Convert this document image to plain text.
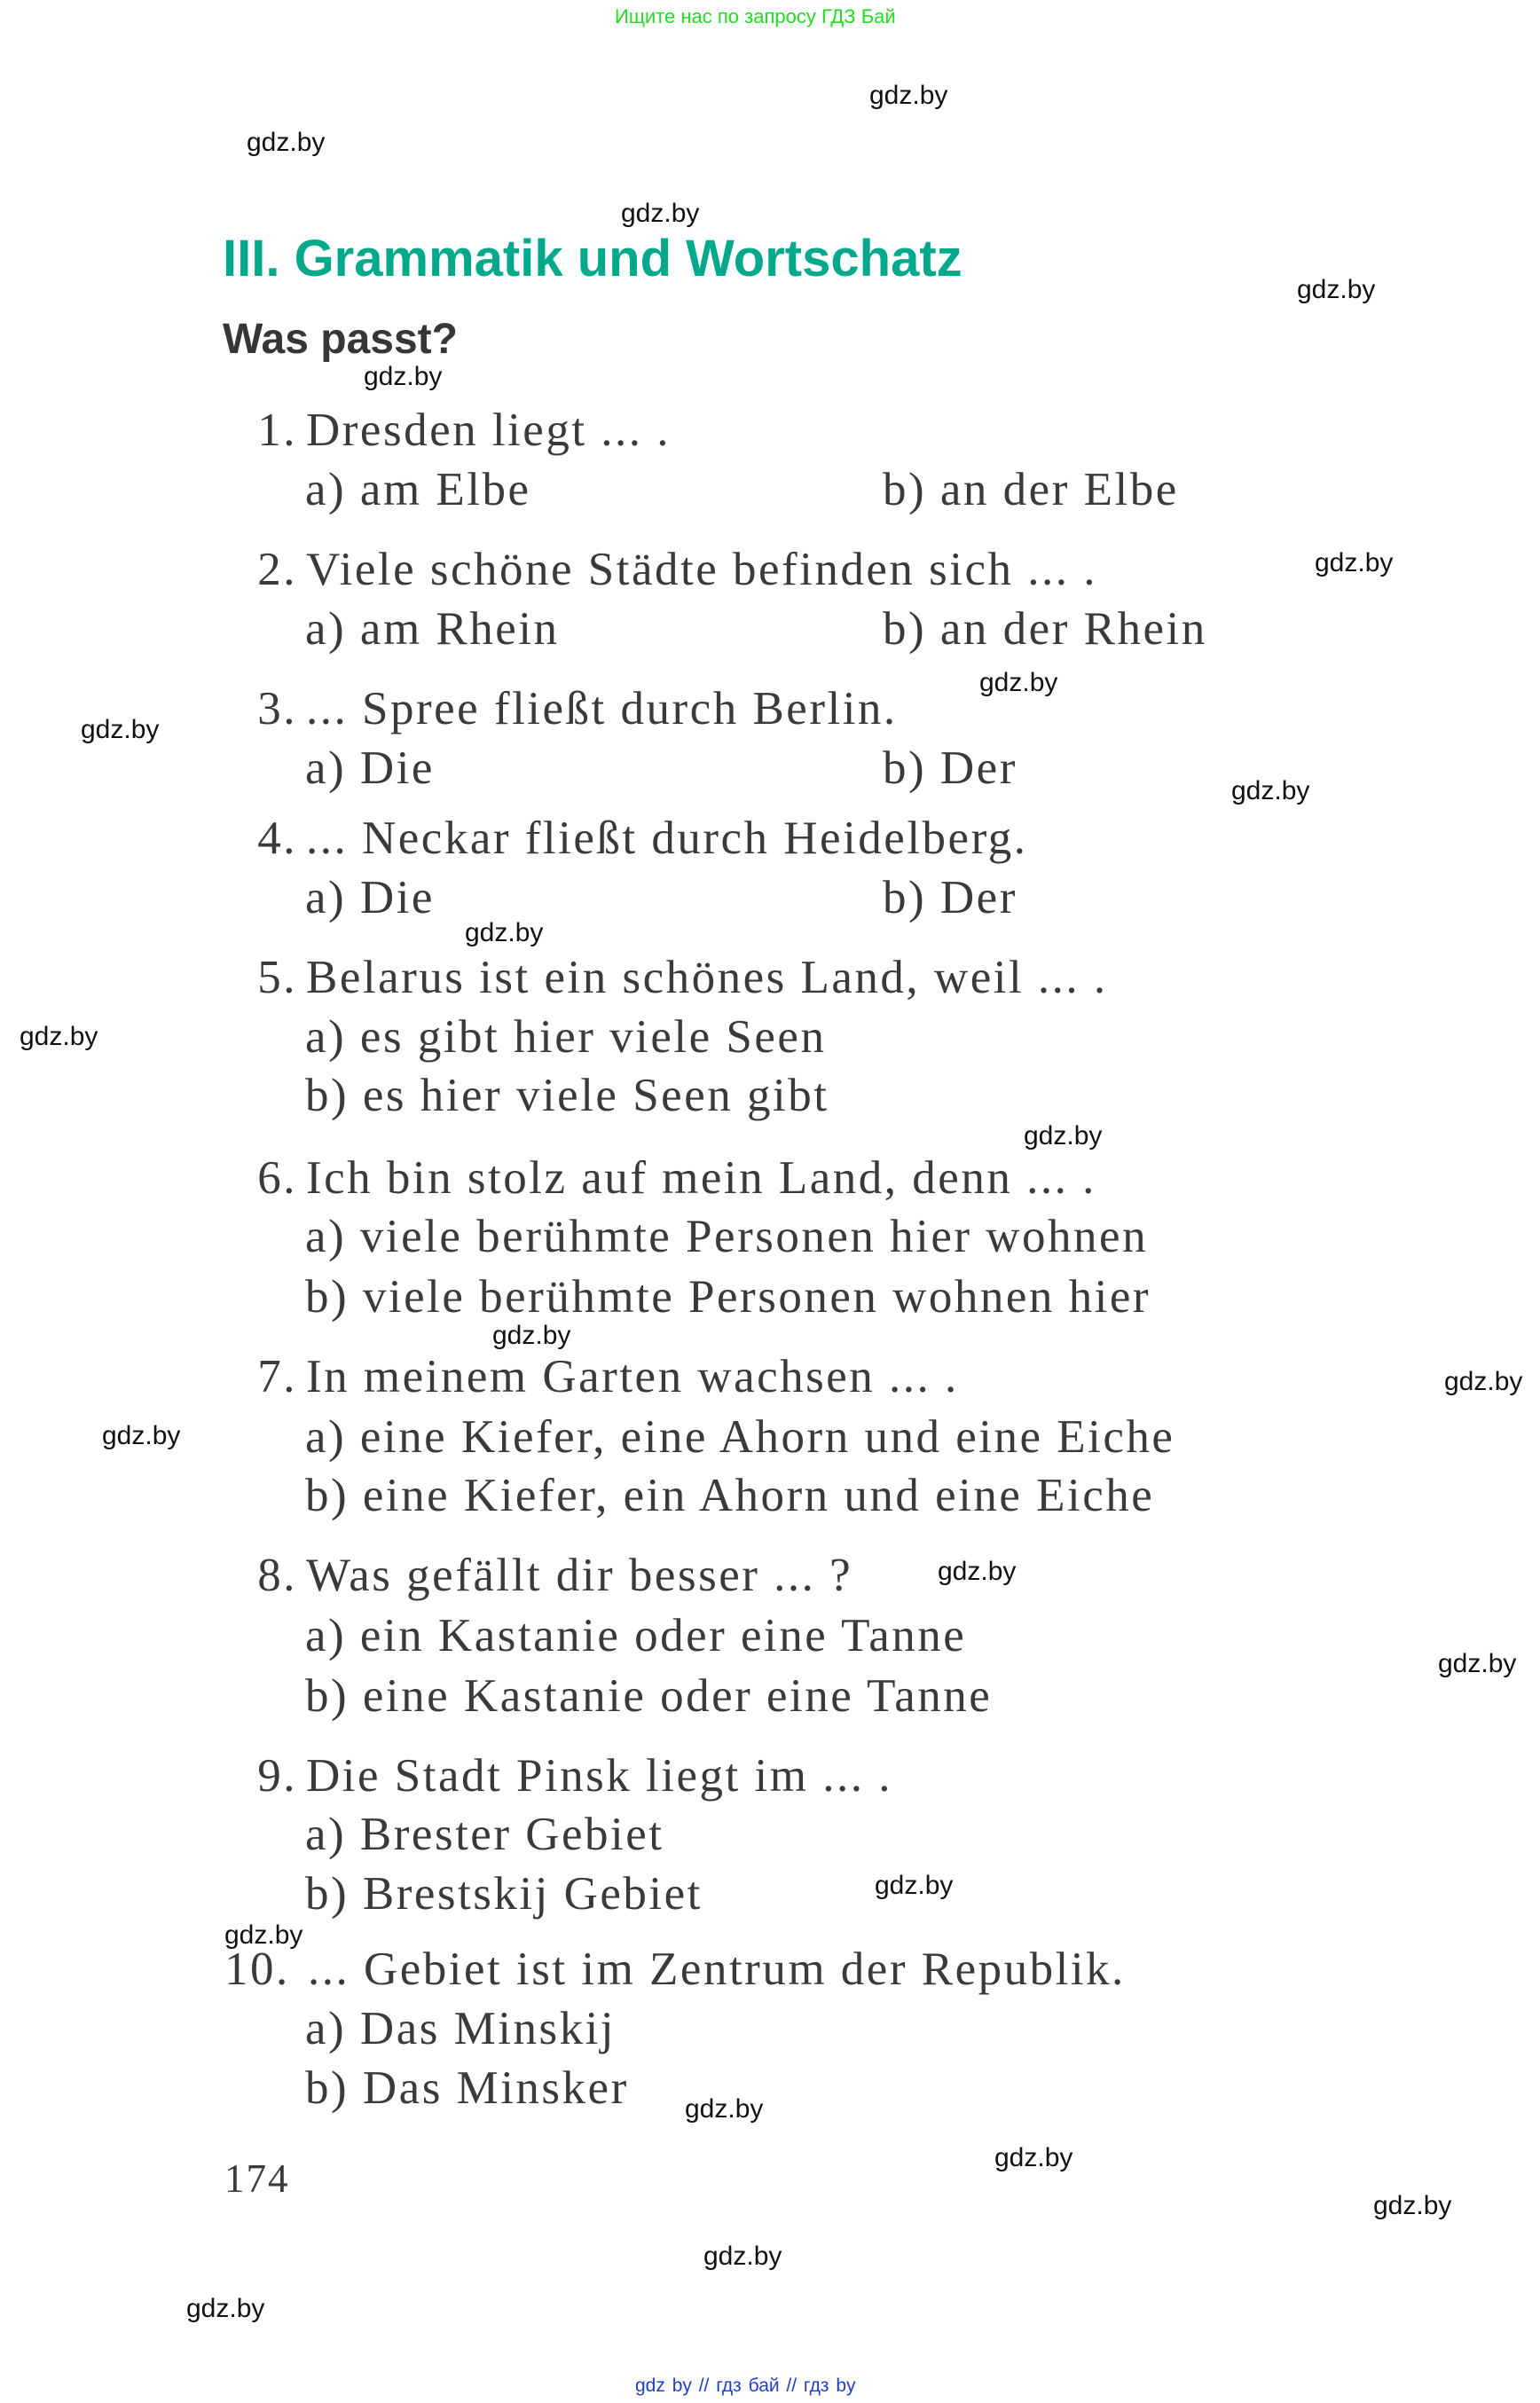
Ищите нас по запросу ГДЗ Бай
III. Grammatik und Wortschatz
Was passt?
1. Dresden liegt ... .
a) am Elbe	b) an der Elbe
2. Viele schöne Städte befinden sich ... .
a) am Rhein	b) an der Rhein
3. ... Spree fließt durch Berlin.
a) Die	b) Der
4. ... Neckar fließt durch Heidelberg.
a) Die	b) Der
5. Belarus ist ein schönes Land, weil ... .
a) es gibt hier viele Seen
b) es hier viele Seen gibt
6. Ich bin stolz auf mein Land, denn ... .
a) viele berühmte Personen hier wohnen
b) viele berühmte Personen wohnen hier
7. In meinem Garten wachsen ... .
a) eine Kiefer, eine Ahorn und eine Eiche
b) eine Kiefer, ein Ahorn und eine Eiche
8. Was gefällt dir besser ... ?
a) ein Kastanie oder eine Tanne
b) eine Kastanie oder eine Tanne
9. Die Stadt Pinsk liegt im ... .
a) Brester Gebiet
b) Brestskij Gebiet
10. ... Gebiet ist im Zentrum der Republik.
a) Das Minskij
b) Das Minsker
174
gdz.by
gdz.by
gdz.by
gdz.by
gdz.by
gdz.by
gdz.by
gdz.by
gdz.by
gdz.by
gdz.by
gdz.by
gdz.by
gdz.by
gdz.by
gdz.by
gdz.by
gdz.by
gdz.by
gdz.by
gdz.by
gdz.by
gdz.by
gdz.by
gdz by // гдз бай // гдз by
